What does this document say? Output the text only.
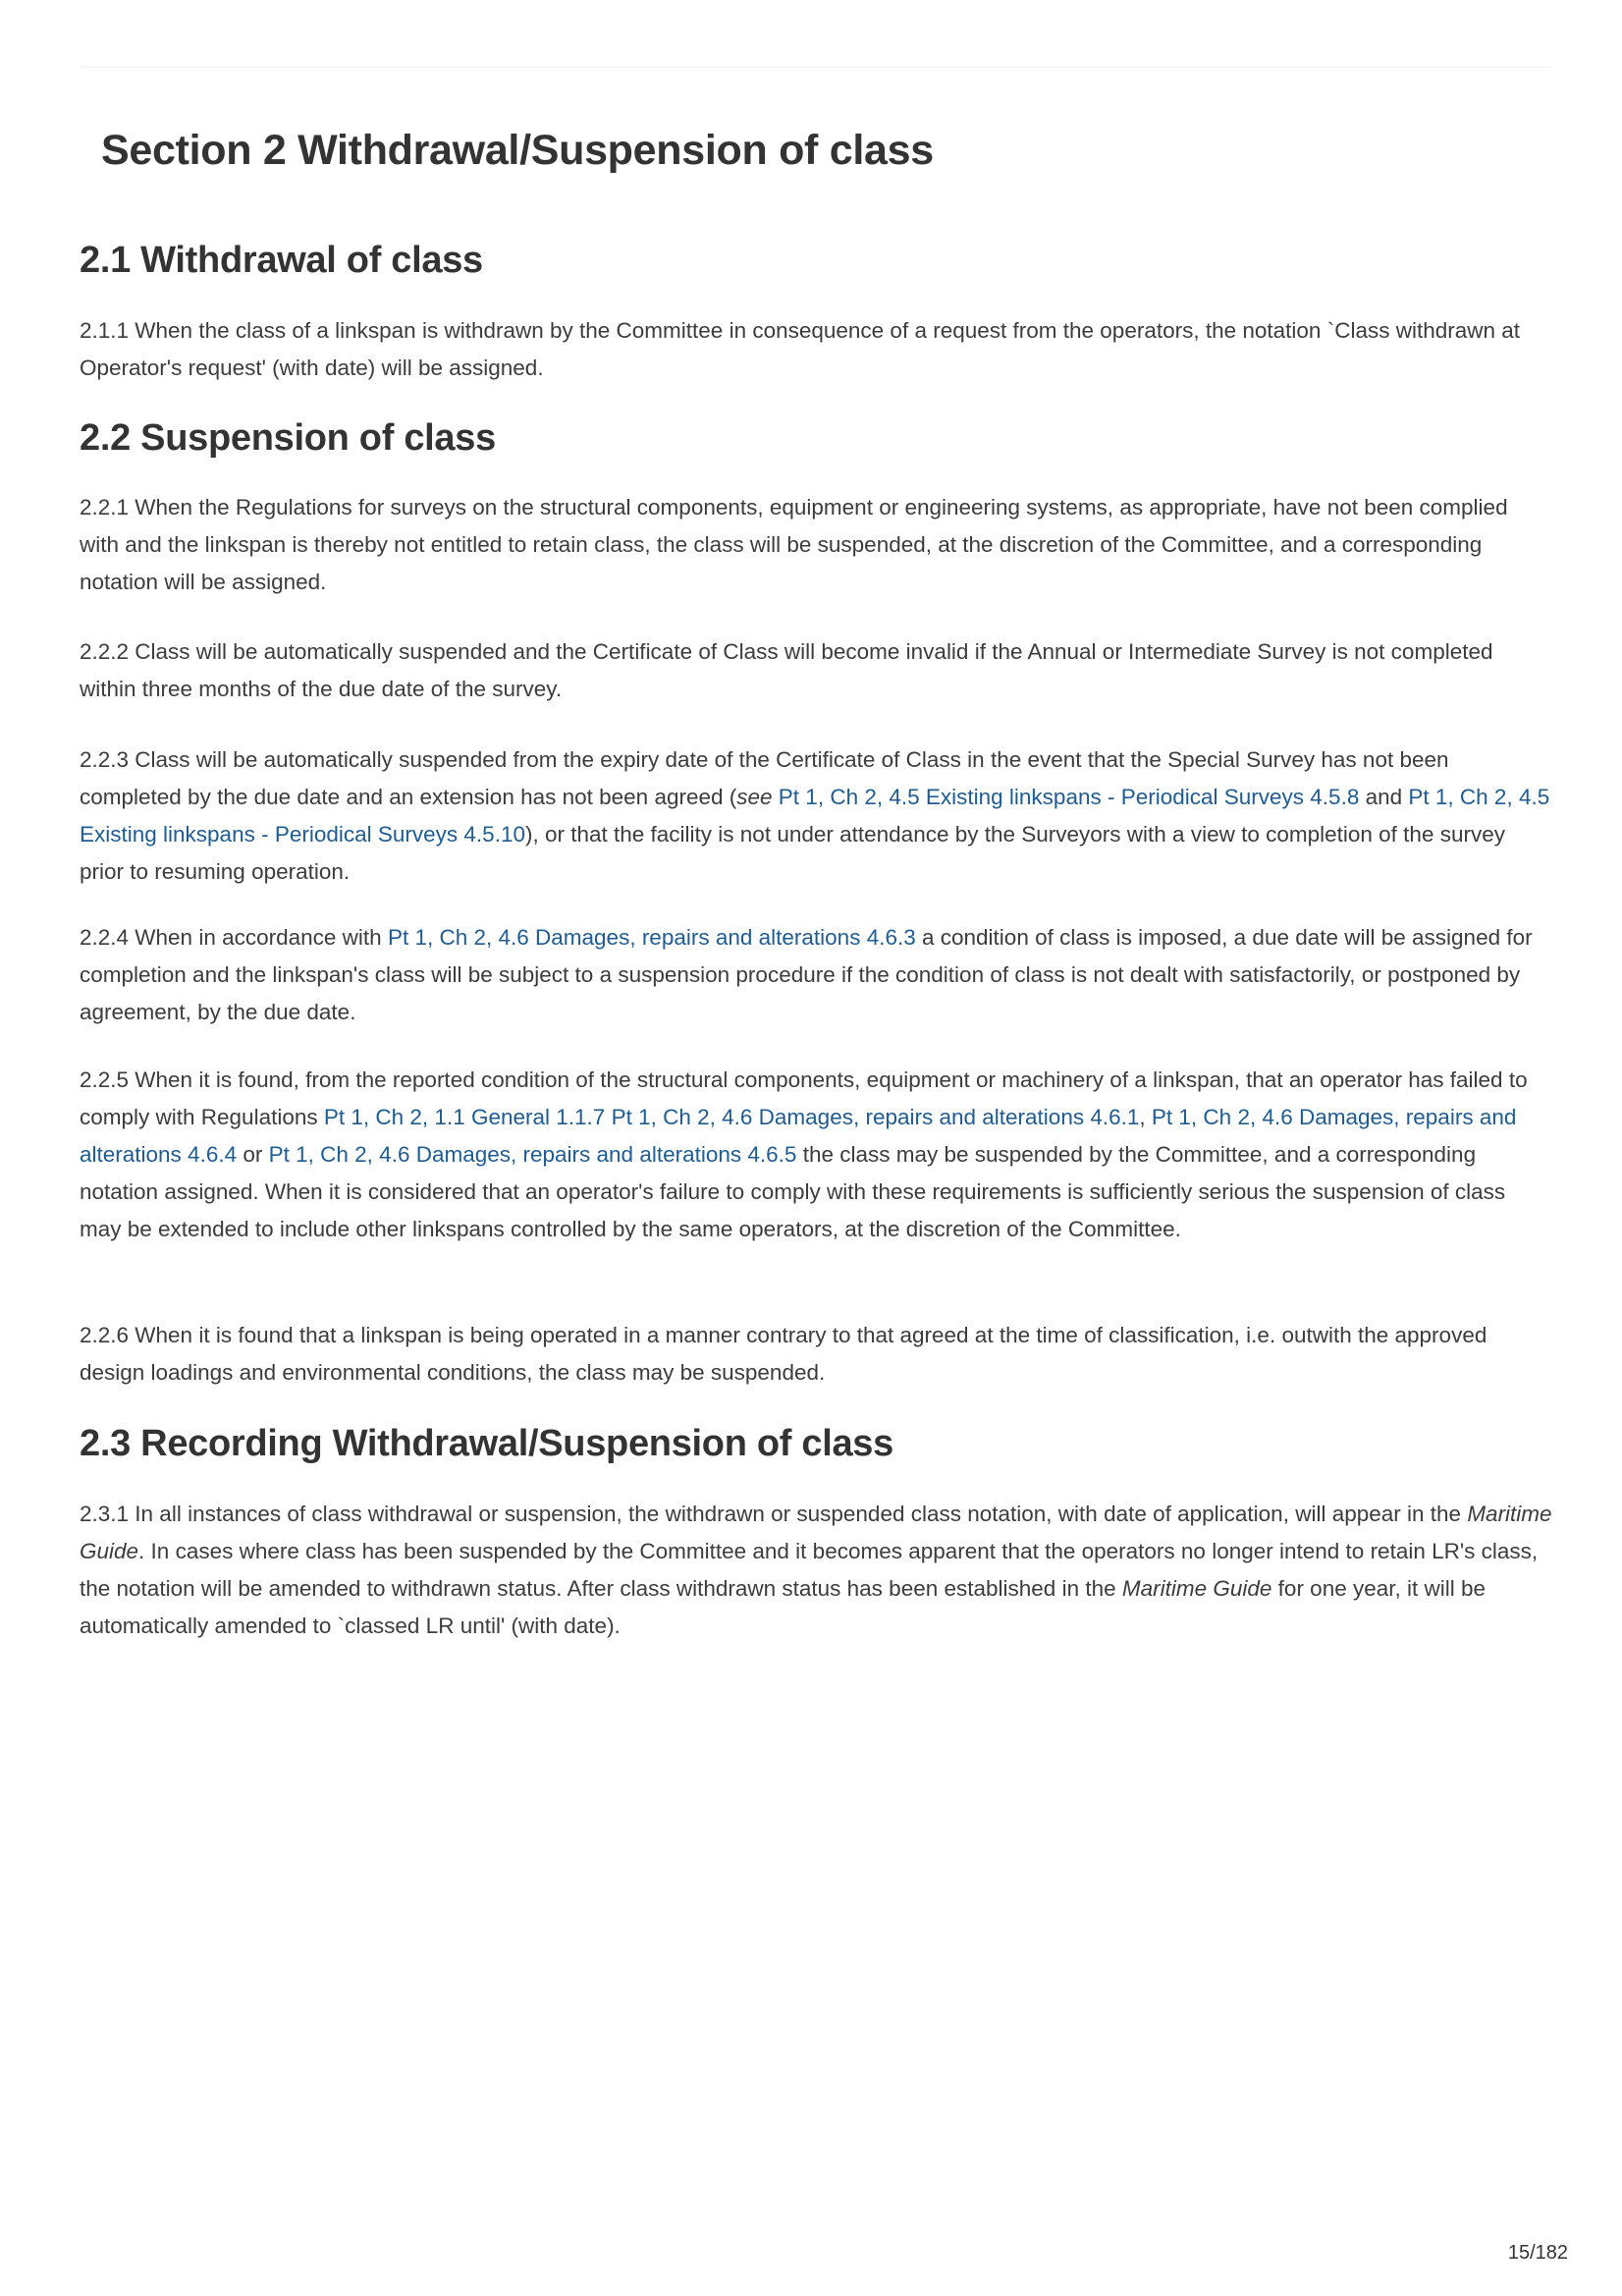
Section 2 Withdrawal/Suspension of class
2.1 Withdrawal of class

2.1.1 When the class of a linkspan is withdrawn by the Committee in consequence of a request from the operators, the notation `Class withdrawn at Operator's request' (with date) will be assigned.

2.2 Suspension of class

2.2.1 When the Regulations for surveys on the structural components, equipment or engineering systems, as appropriate, have not been complied with and the linkspan is thereby not entitled to retain class, the class will be suspended, at the discretion of the Committee, and a corresponding notation will be assigned.

2.2.2 Class will be automatically suspended and the Certificate of Class will become invalid if the Annual or Intermediate Survey is not completed within three months of the due date of the survey.

2.2.3 Class will be automatically suspended from the expiry date of the Certificate of Class in the event that the Special Survey has not been completed by the due date and an extension has not been agreed (see Pt 1, Ch 2, 4.5 Existing linkspans - Periodical Surveys 4.5.8 and Pt 1, Ch 2, 4.5 Existing linkspans - Periodical Surveys 4.5.10), or that the facility is not under attendance by the Surveyors with a view to completion of the survey prior to resuming operation.

2.2.4 When in accordance with Pt 1, Ch 2, 4.6 Damages, repairs and alterations 4.6.3 a condition of class is imposed, a due date will be assigned for completion and the linkspan's class will be subject to a suspension procedure if the condition of class is not dealt with satisfactorily, or postponed by agreement, by the due date.

2.2.5 When it is found, from the reported condition of the structural components, equipment or machinery of a linkspan, that an operator has failed to comply with Regulations Pt 1, Ch 2, 1.1 General 1.1.7 Pt 1, Ch 2, 4.6 Damages, repairs and alterations 4.6.1, Pt 1, Ch 2, 4.6 Damages, repairs and alterations 4.6.4 or Pt 1, Ch 2, 4.6 Damages, repairs and alterations 4.6.5 the class may be suspended by the Committee, and a corresponding notation assigned. When it is considered that an operator's failure to comply with these requirements is sufficiently serious the suspension of class may be extended to include other linkspans controlled by the same operators, at the discretion of the Committee.

2.2.6 When it is found that a linkspan is being operated in a manner contrary to that agreed at the time of classification, i.e. outwith the approved design loadings and environmental conditions, the class may be suspended.

2.3 Recording Withdrawal/Suspension of class

2.3.1 In all instances of class withdrawal or suspension, the withdrawn or suspended class notation, with date of application, will appear in the Maritime Guide. In cases where class has been suspended by the Committee and it becomes apparent that the operators no longer intend to retain LR's class, the notation will be amended to withdrawn status. After class withdrawn status has been established in the Maritime Guide for one year, it will be automatically amended to `classed LR until' (with date).

15/182
